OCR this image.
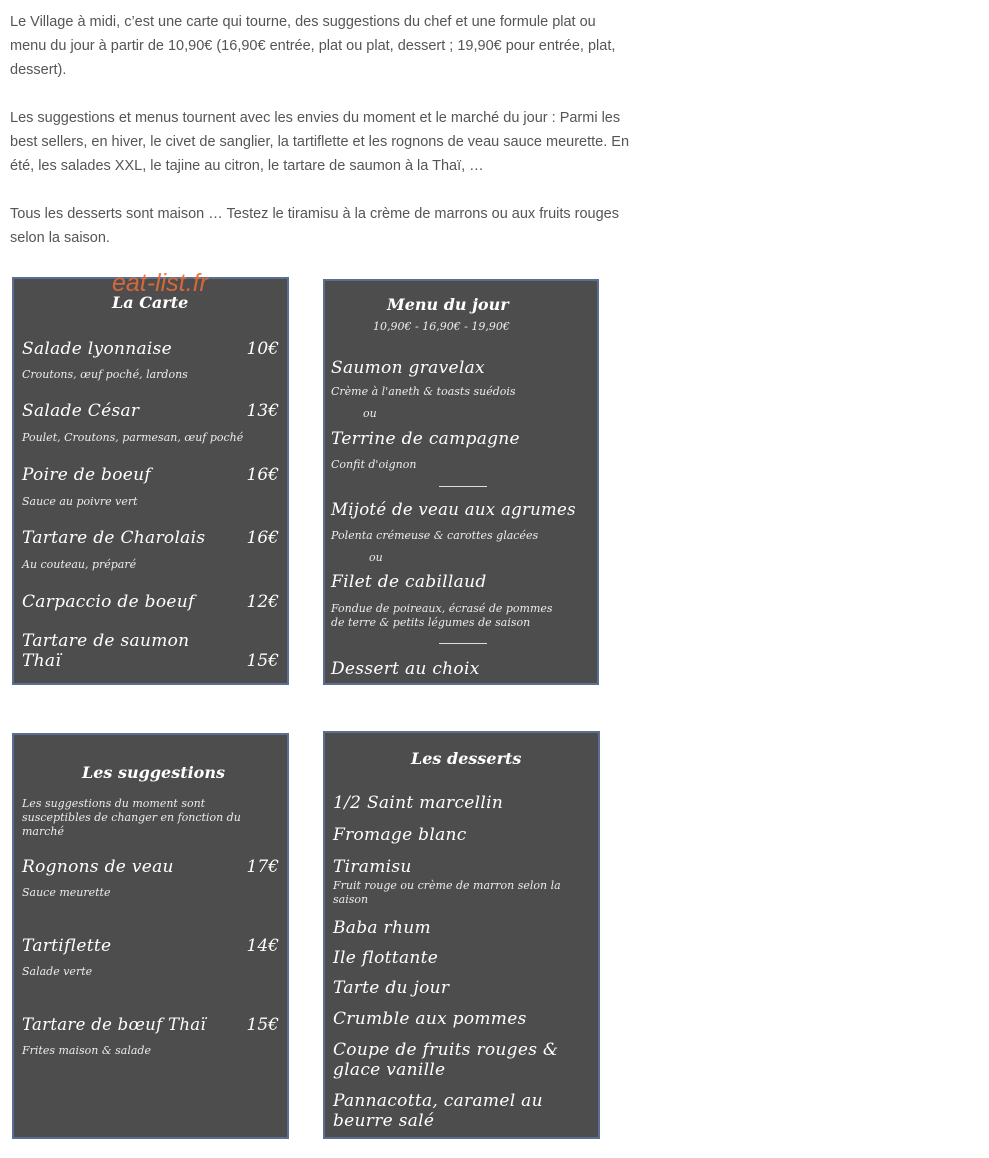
Le Village à midi, c’est une carte qui tourne, des suggestions du chef et une formule plat ou menu du jour à partir de 10,90€ (16,90€ entrée, plat ou plat, dessert ; 19,90€ pour entrée, plat, dessert).

Les suggestions et menus tournent avec les envies du moment et le marché du jour : Parmi les best sellers, en hiver, le civet de sanglier, la tartiflette et les rognons de veau sauce meurette. En été, les salades XXL, le tajine au citron, le tartare de saumon à la Thaï, …

Tous les desserts sont maison … Testez le tiramisu à la crème de marrons ou aux fruits rouges selon la saison.

eat-list.fr
La Carte
Salade lyonnaise	10€
Croutons, œuf poché, lardons
Salade César	13€
Poulet, Croutons, parmesan, œuf poché
Poire de boeuf	16€
Sauce au poivre vert
Tartare de Charolais 16€
Au couteau, préparé
Carpaccio de boeuf	12€
Tartare de saumon
Thaï	15€
Menu du jour
10,90€ - 16,90€ - 19,90€
Saumon gravelax
Crème à l'aneth & toasts suédois
ou
Terrine de campagne
Confit d'oignon
Mijoté de veau aux agrumes
Polenta crémeuse & carottes glacées
ou
Filet de cabillaud
Fondue de poireaux, écrasé de pommes
de terre & petits légumes de saison
Dessert au choix
Les suggestions
Les suggestions du moment sont
susceptibles de changer en fonction du
marché
Rognons de veau	17€
Sauce meurette
Tartiflette	14€
Salade verte
Tartare de bœuf Thaï 15€
Frites maison & salade
Les desserts
1/2 Saint marcellin
Fromage blanc
Tiramisu
Fruit rouge ou crème de marron selon la
saison
Baba rhum
Ile flottante
Tarte du jour
Crumble aux pommes
Coupe de fruits rouges &
glace vanille
Pannacotta, caramel au
beurre salé
